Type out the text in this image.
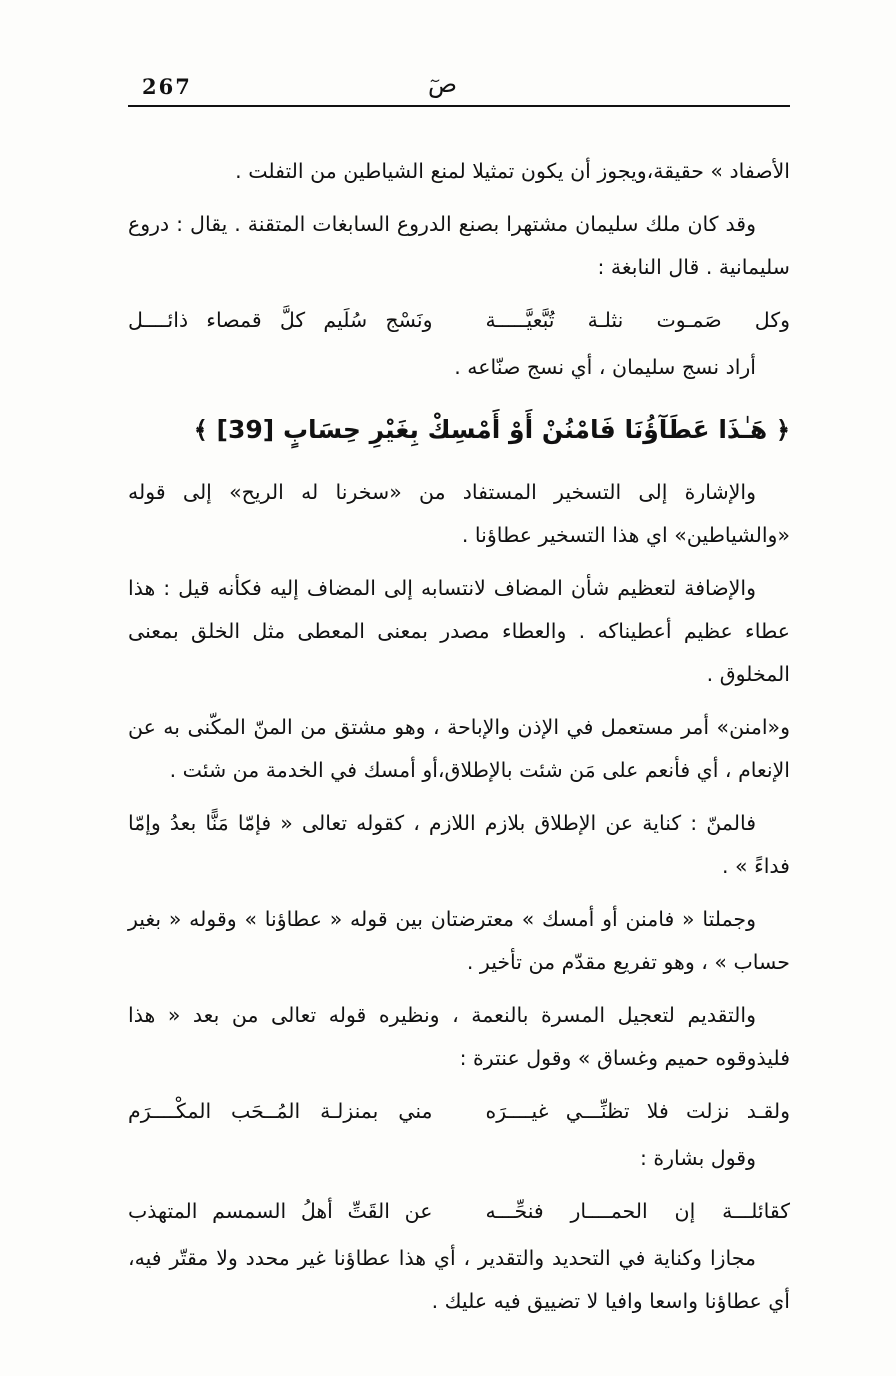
267	صٓ

الأصفاد » حقيقة،ويجوز أن يكون تمثيلا لمنع الشياطين من التفلت .

وقد كان ملك سليمان مشتهرا بصنع الدروع السابغات المتقنة . يقال : دروع سليمانية . قال النابغة :

وكل صَمـوت نثلـة تُبَّعيَّـــــة
ونَسْج سُلَيم كلَّ قمصاء ذائــــل

أراد نسج سليمان ، أي نسج صنّاعه .

﴿ هَـٰذَا عَطَآؤُنَا فَامْنُنْ أَوْ أَمْسِكْ بِغَيْرِ حِسَابٍ [39] ﴾

والإشارة إلى التسخير المستفاد من «سخرنا له الريح» إلى قوله «والشياطين» اي هذا التسخير عطاؤنا .

والإضافة لتعظيم شأن المضاف لانتسابه إلى المضاف إليه فكأنه قيل : هذا عطاء عظيم أعطيناكه . والعطاء مصدر بمعنى المعطى مثل الخلق بمعنى المخلوق .

و«امنن» أمر مستعمل في الإذن والإباحة ، وهو مشتق من المنّ المكّنى به عن الإنعام ، أي فأنعم على مَن شئت بالإطلاق،أو أمسك في الخدمة من شئت .

فالمنّ : كناية عن الإطلاق بلازم اللازم ، كقوله تعالى « فإمّا مَنًّا بعدُ وإمّا فداءً » .

وجملتا « فامنن أو أمسك » معترضتان بين قوله « عطاؤنا » وقوله « بغير حساب » ، وهو تفريع مقدّم من تأخير .

والتقديم لتعجيل المسرة بالنعمة ، ونظيره قوله تعالى من بعد « هذا فليذوقوه حميم وغساق » وقول عنترة :

ولقـد نزلت فلا تظنِّـــي غيــــرَه
مني بمنزلـة المُــحَب المكْــــرَم

وقول بشارة :

كقائلـــة إن الحمــــار فنحِّـــه
عن القَتِّ أهلُ السمسم المتهذب

مجازا وكناية في التحديد والتقدير ، أي هذا عطاؤنا غير محدد ولا مقتّر فيه، أي عطاؤنا واسعا وافيا لا تضييق فيه عليك .
